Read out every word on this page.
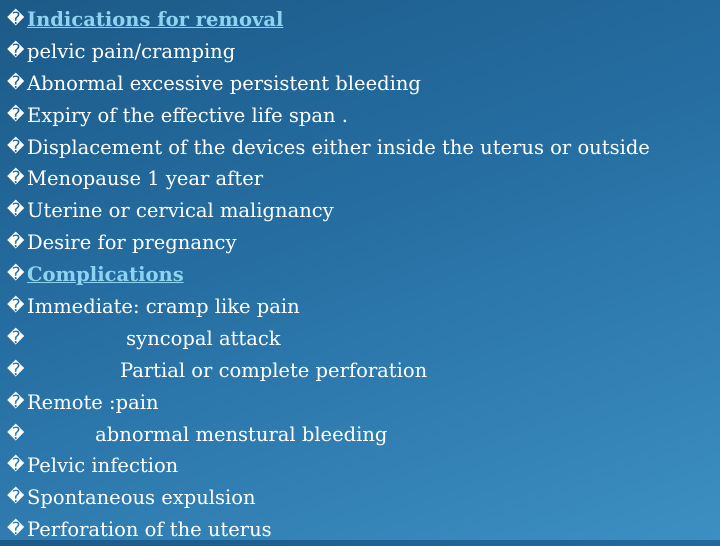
� Indications for removal
� pelvic pain/cramping
� Abnormal excessive persistent bleeding
� Expiry of the effective life span .
� Displacement of the devices either inside the uterus or outside
� Menopause 1 year after
� Uterine or cervical malignancy
� Desire for pregnancy
� Complications
� Immediate: cramp like pain
�                syncopal attack
�               Partial or complete perforation
� Remote :pain
�           abnormal menstural bleeding
� Pelvic infection
� Spontaneous expulsion
� Perforation of the uterus
